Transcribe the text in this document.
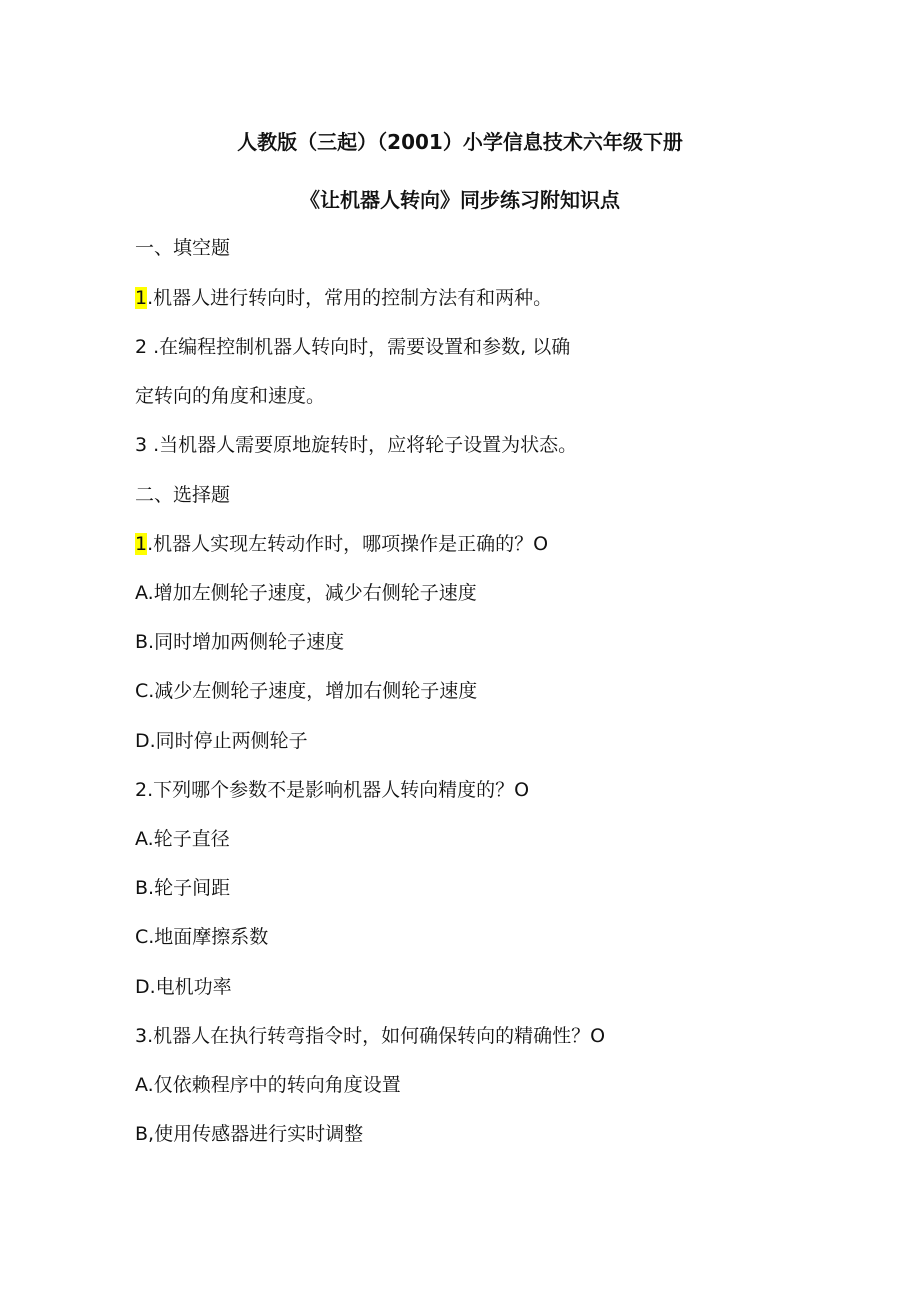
人教版（三起）（2001）小学信息技术六年级下册
《让机器人转向》同步练习附知识点
一、填空题
1.机器人进行转向时，常用的控制方法有和两种。
2 .在编程控制机器人转向时，需要设置和参数, 以确
定转向的角度和速度。
3 .当机器人需要原地旋转时，应将轮子设置为状态。
二、选择题
1.机器人实现左转动作时，哪项操作是正确的？O
A.增加左侧轮子速度，减少右侧轮子速度
B.同时增加两侧轮子速度
C.减少左侧轮子速度，增加右侧轮子速度
D.同时停止两侧轮子
2.下列哪个参数不是影响机器人转向精度的？O
A.轮子直径
B.轮子间距
C.地面摩擦系数
D.电机功率
3.机器人在执行转弯指令时，如何确保转向的精确性？O
A.仅依赖程序中的转向角度设置
B,使用传感器进行实时调整
